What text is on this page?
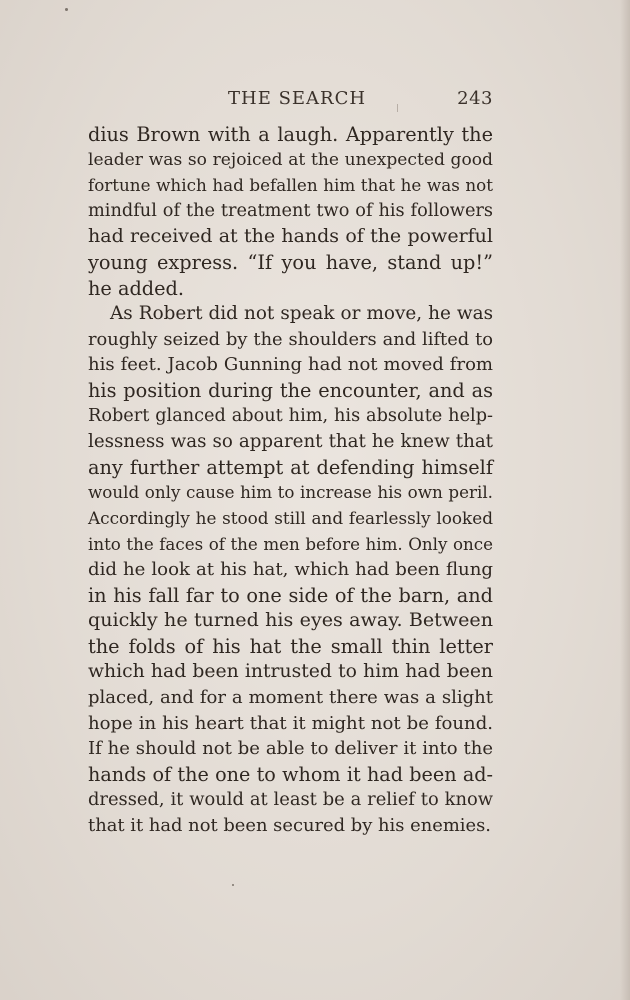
THE SEARCH	243
dius Brown with a laugh. Apparently the
leader was so rejoiced at the unexpected good
fortune which had befallen him that he was not
mindful of the treatment two of his followers
had received at the hands of the powerful
young express. “If you have, stand up!”
he added.
As Robert did not speak or move, he was
roughly seized by the shoulders and lifted to
his feet. Jacob Gunning had not moved from
his position during the encounter, and as
Robert glanced about him, his absolute help-
lessness was so apparent that he knew that
any further attempt at defending himself
would only cause him to increase his own peril.
Accordingly he stood still and fearlessly looked
into the faces of the men before him. Only once
did he look at his hat, which had been flung
in his fall far to one side of the barn, and
quickly he turned his eyes away. Between
the folds of his hat the small thin letter
which had been intrusted to him had been
placed, and for a moment there was a slight
hope in his heart that it might not be found.
If he should not be able to deliver it into the
hands of the one to whom it had been ad-
dressed, it would at least be a relief to know
that it had not been secured by his enemies.
